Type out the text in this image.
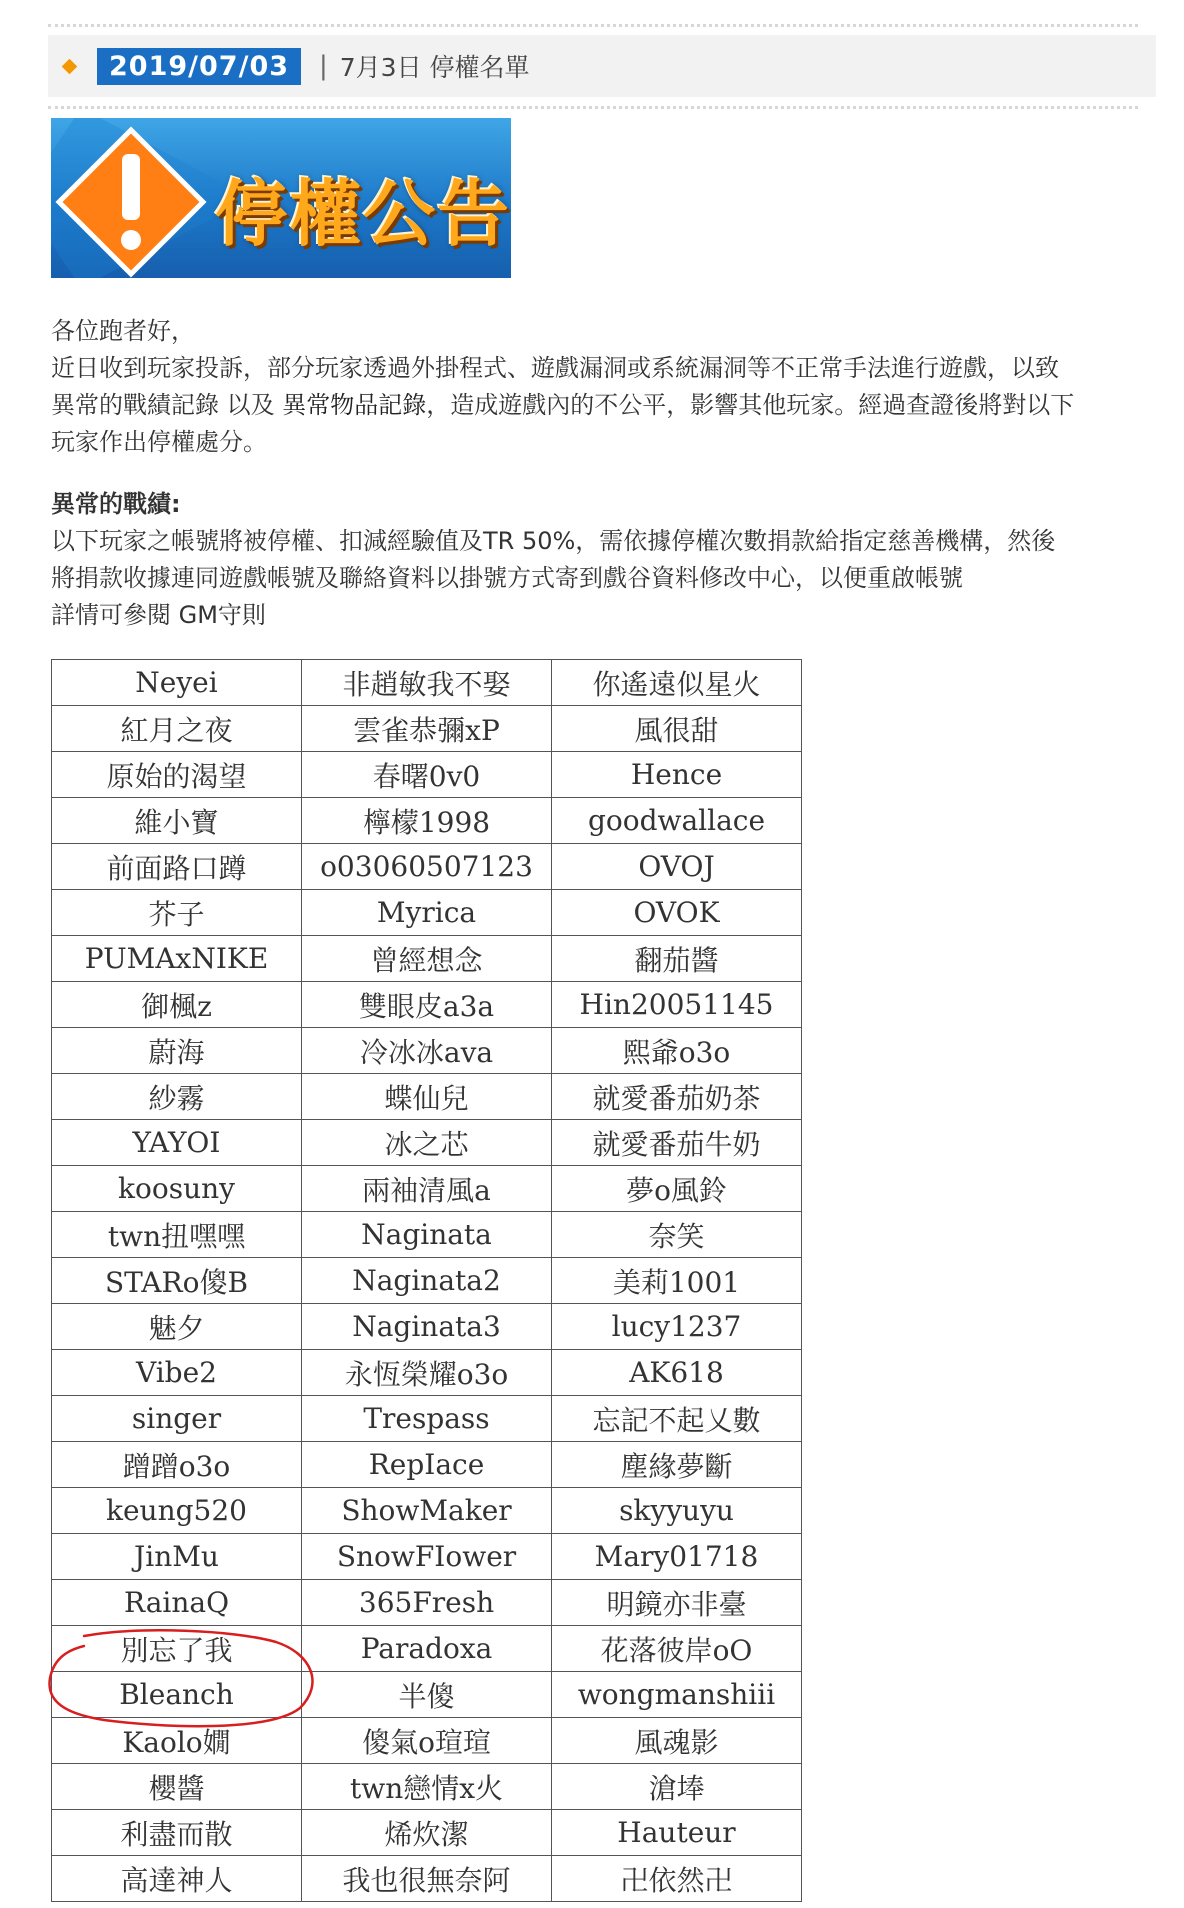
2019/07/03	| 7月3日 停權名單
停權公告

各位跑者好，

近日收到玩家投訴，部分玩家透過外掛程式、遊戲漏洞或系統漏洞等不正常手法進行遊戲，以致

異常的戰績記錄 以及 異常物品記錄，造成遊戲內的不公平，影響其他玩家。經過查證後將對以下

玩家作出停權處分。

異常的戰績:

以下玩家之帳號將被停權、扣減經驗值及TR 50%，需依據停權次數捐款給指定慈善機構，然後

將捐款收據連同遊戲帳號及聯絡資料以掛號方式寄到戲谷資料修改中心，以便重啟帳號

詳情可參閱 GM守則

Neyei	非趙敏我不娶	你遙遠似星火
紅月之夜	雲雀恭彌xP	風很甜
原始的渴望	春曙0v0	Hence
維小寶	檸檬1998	goodwallace
前面路口蹲	o03060507123	OVOJ
芥子	Myrica	OVOK
PUMAxNIKE	曾經想念	翻茄醬
御楓z	雙眼皮a3a	Hin20051145
蔚海	冷冰冰ava	熙爺o3o
紗霧	蝶仙兒	就愛番茄奶茶
YAYOI	冰之芯	就愛番茄牛奶
koosuny	兩袖清風a	夢o風鈴
twn扭嘿嘿	Naginata	奈笑
STARo傻B	Naginata2	美莉1001
魅夕	Naginata3	lucy1237
Vibe2	永恆榮耀o3o	AK618
singer	Trespass	忘記不起乂數
蹭蹭o3o	RepIace	塵緣夢斷
keung520	ShowMaker	skyyuyu
JinMu	SnowFIower	Mary01718
RainaQ	365Fresh	明鏡亦非臺
別忘了我	Paradoxa	花落彼岸oO
Bleanch	半傻	wongmanshiii
Kaolo嫺	傻氣o瑄瑄	風魂影
櫻醬	twn戀情x火	滄埲
利盡而散	烯炊潔	Hauteur
高達神人	我也很無奈阿	卍依然卍
